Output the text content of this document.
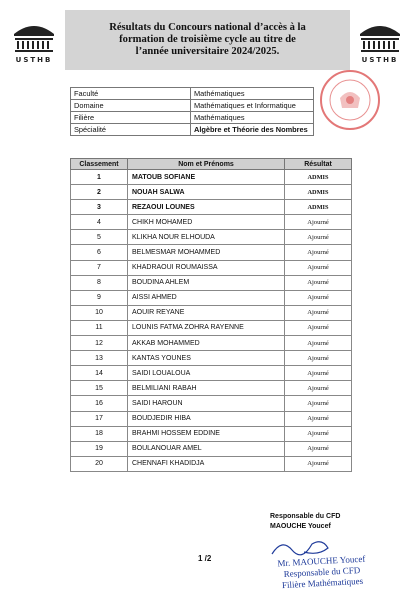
USTHB	USTHB
Résultats du Concours national d’accès à la
formation de troisième cycle au titre de
l’année universitaire 2024/2025.
Faculté	Mathématiques
Domaine	Mathématiques et Informatique
Filière	Mathématiques
Spécialité	Algèbre et Théorie des Nombres
Classement	Nom et Prénoms	Résultat
1	MATOUB SOFIANE	ADMIS
2	NOUAH SALWA	ADMIS
3	REZAOUI LOUNES	ADMIS
4	CHIKH MOHAMED	Ajourné
5	KLIKHA NOUR ELHOUDA	Ajourné
6	BELMESMAR MOHAMMED	Ajourné
7	KHADRAOUI ROUMAISSA	Ajourné
8	BOUDINA AHLEM	Ajourné
9	AISSI AHMED	Ajourné
10	AOUIR REYANE	Ajourné
11	LOUNIS FATMA ZOHRA RAYENNE	Ajourné
12	AKKAB MOHAMMED	Ajourné
13	KANTAS YOUNES	Ajourné
14	SAIDI LOUALOUA	Ajourné
15	BELMILIANI RABAH	Ajourné
16	SAIDI HAROUN	Ajourné
17	BOUDJEDIR HIBA	Ajourné
18	BRAHMI HOSSEM EDDINE	Ajourné
19	BOULANOUAR AMEL	Ajourné
20	CHENNAFI KHADIDJA	Ajourné
Responsable du CFD
MAOUCHE Youcef
1 /2	Mr. MAOUCHE Youcef
Responsable du CFD
Filière Mathématiques
